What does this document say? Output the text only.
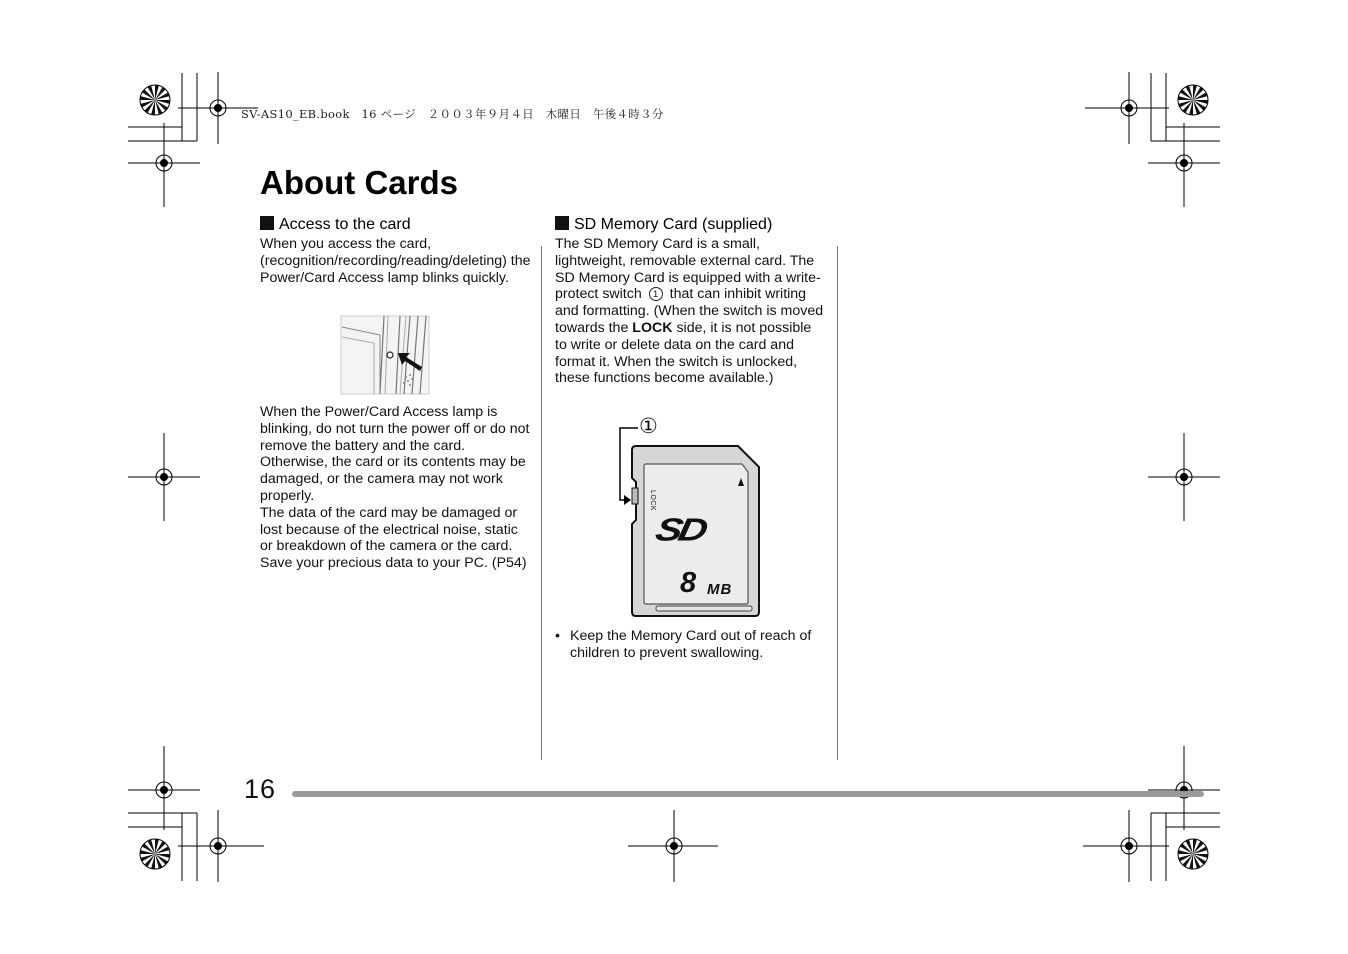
SV-AS10_EB.book　16 ページ　２００３年９月４日　木曜日　午後４時３分
About Cards
Access to the card

When you access the card, (recognition/recording/reading/deleting) the Power/Card Access lamp blinks quickly.

When the Power/Card Access lamp is blinking, do not turn the power off or do not remove the battery and the card. Otherwise, the card or its contents may be damaged, or the camera may not work properly.

The data of the card may be damaged or lost because of the electrical noise, static or breakdown of the camera or the card. Save your precious data to your PC. (P54)

SD Memory Card (supplied)

The SD Memory Card is a small, lightweight, removable external card. The SD Memory Card is equipped with a write-protect switch 1 that can inhibit writing and formatting. (When the switch is moved towards the LOCK side, it is not possible to write or delete data on the card and format it. When the switch is unlocked, these functions become available.)

①
LOCK
SD
8 MB
• Keep the Memory Card out of reach of children to prevent swallowing.
16
